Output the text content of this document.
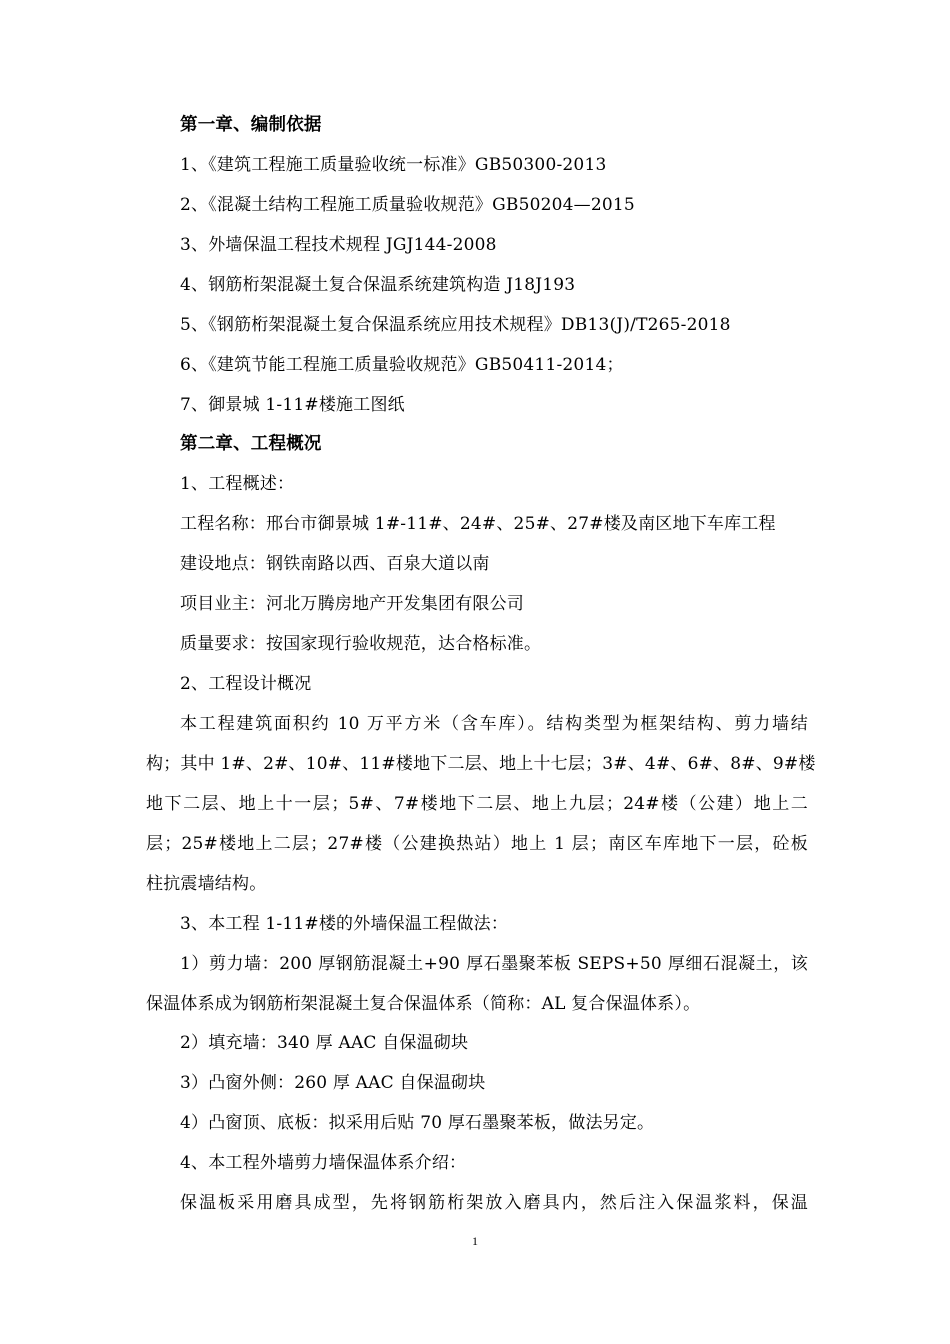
第一章、编制依据
1、《建筑工程施工质量验收统一标准》GB50300-2013
2、《混凝土结构工程施工质量验收规范》GB50204—2015
3、外墙保温工程技术规程 JGJ144-2008
4、钢筋桁架混凝土复合保温系统建筑构造 J18J193
5、《钢筋桁架混凝土复合保温系统应用技术规程》DB13(J)/T265-2018
6、《建筑节能工程施工质量验收规范》GB50411-2014；
7、御景城 1-11#楼施工图纸
第二章、工程概况
1、工程概述：
工程名称：邢台市御景城 1#-11#、24#、25#、27#楼及南区地下车库工程
建设地点：钢铁南路以西、百泉大道以南
项目业主：河北万腾房地产开发集团有限公司
质量要求：按国家现行验收规范，达合格标准。
2、工程设计概况
本工程建筑面积约 10 万平方米（含车库）。结构类型为框架结构、剪力墙结
构；其中 1#、2#、10#、11#楼地下二层、地上十七层；3#、4#、6#、8#、9#楼
地下二层、地上十一层；5#、7#楼地下二层、地上九层；24#楼（公建）地上二
层；25#楼地上二层；27#楼（公建换热站）地上 1 层；南区车库地下一层，砼板
柱抗震墙结构。
3、本工程 1-11#楼的外墙保温工程做法：
1）剪力墙：200 厚钢筋混凝土+90 厚石墨聚苯板 SEPS+50 厚细石混凝土，该
保温体系成为钢筋桁架混凝土复合保温体系（简称：AL 复合保温体系）。
2）填充墙：340 厚 AAC 自保温砌块
3）凸窗外侧：260 厚 AAC 自保温砌块
4）凸窗顶、底板：拟采用后贴 70 厚石墨聚苯板，做法另定。
4、本工程外墙剪力墙保温体系介绍：
保温板采用磨具成型，先将钢筋桁架放入磨具内，然后注入保温浆料，保温
1
